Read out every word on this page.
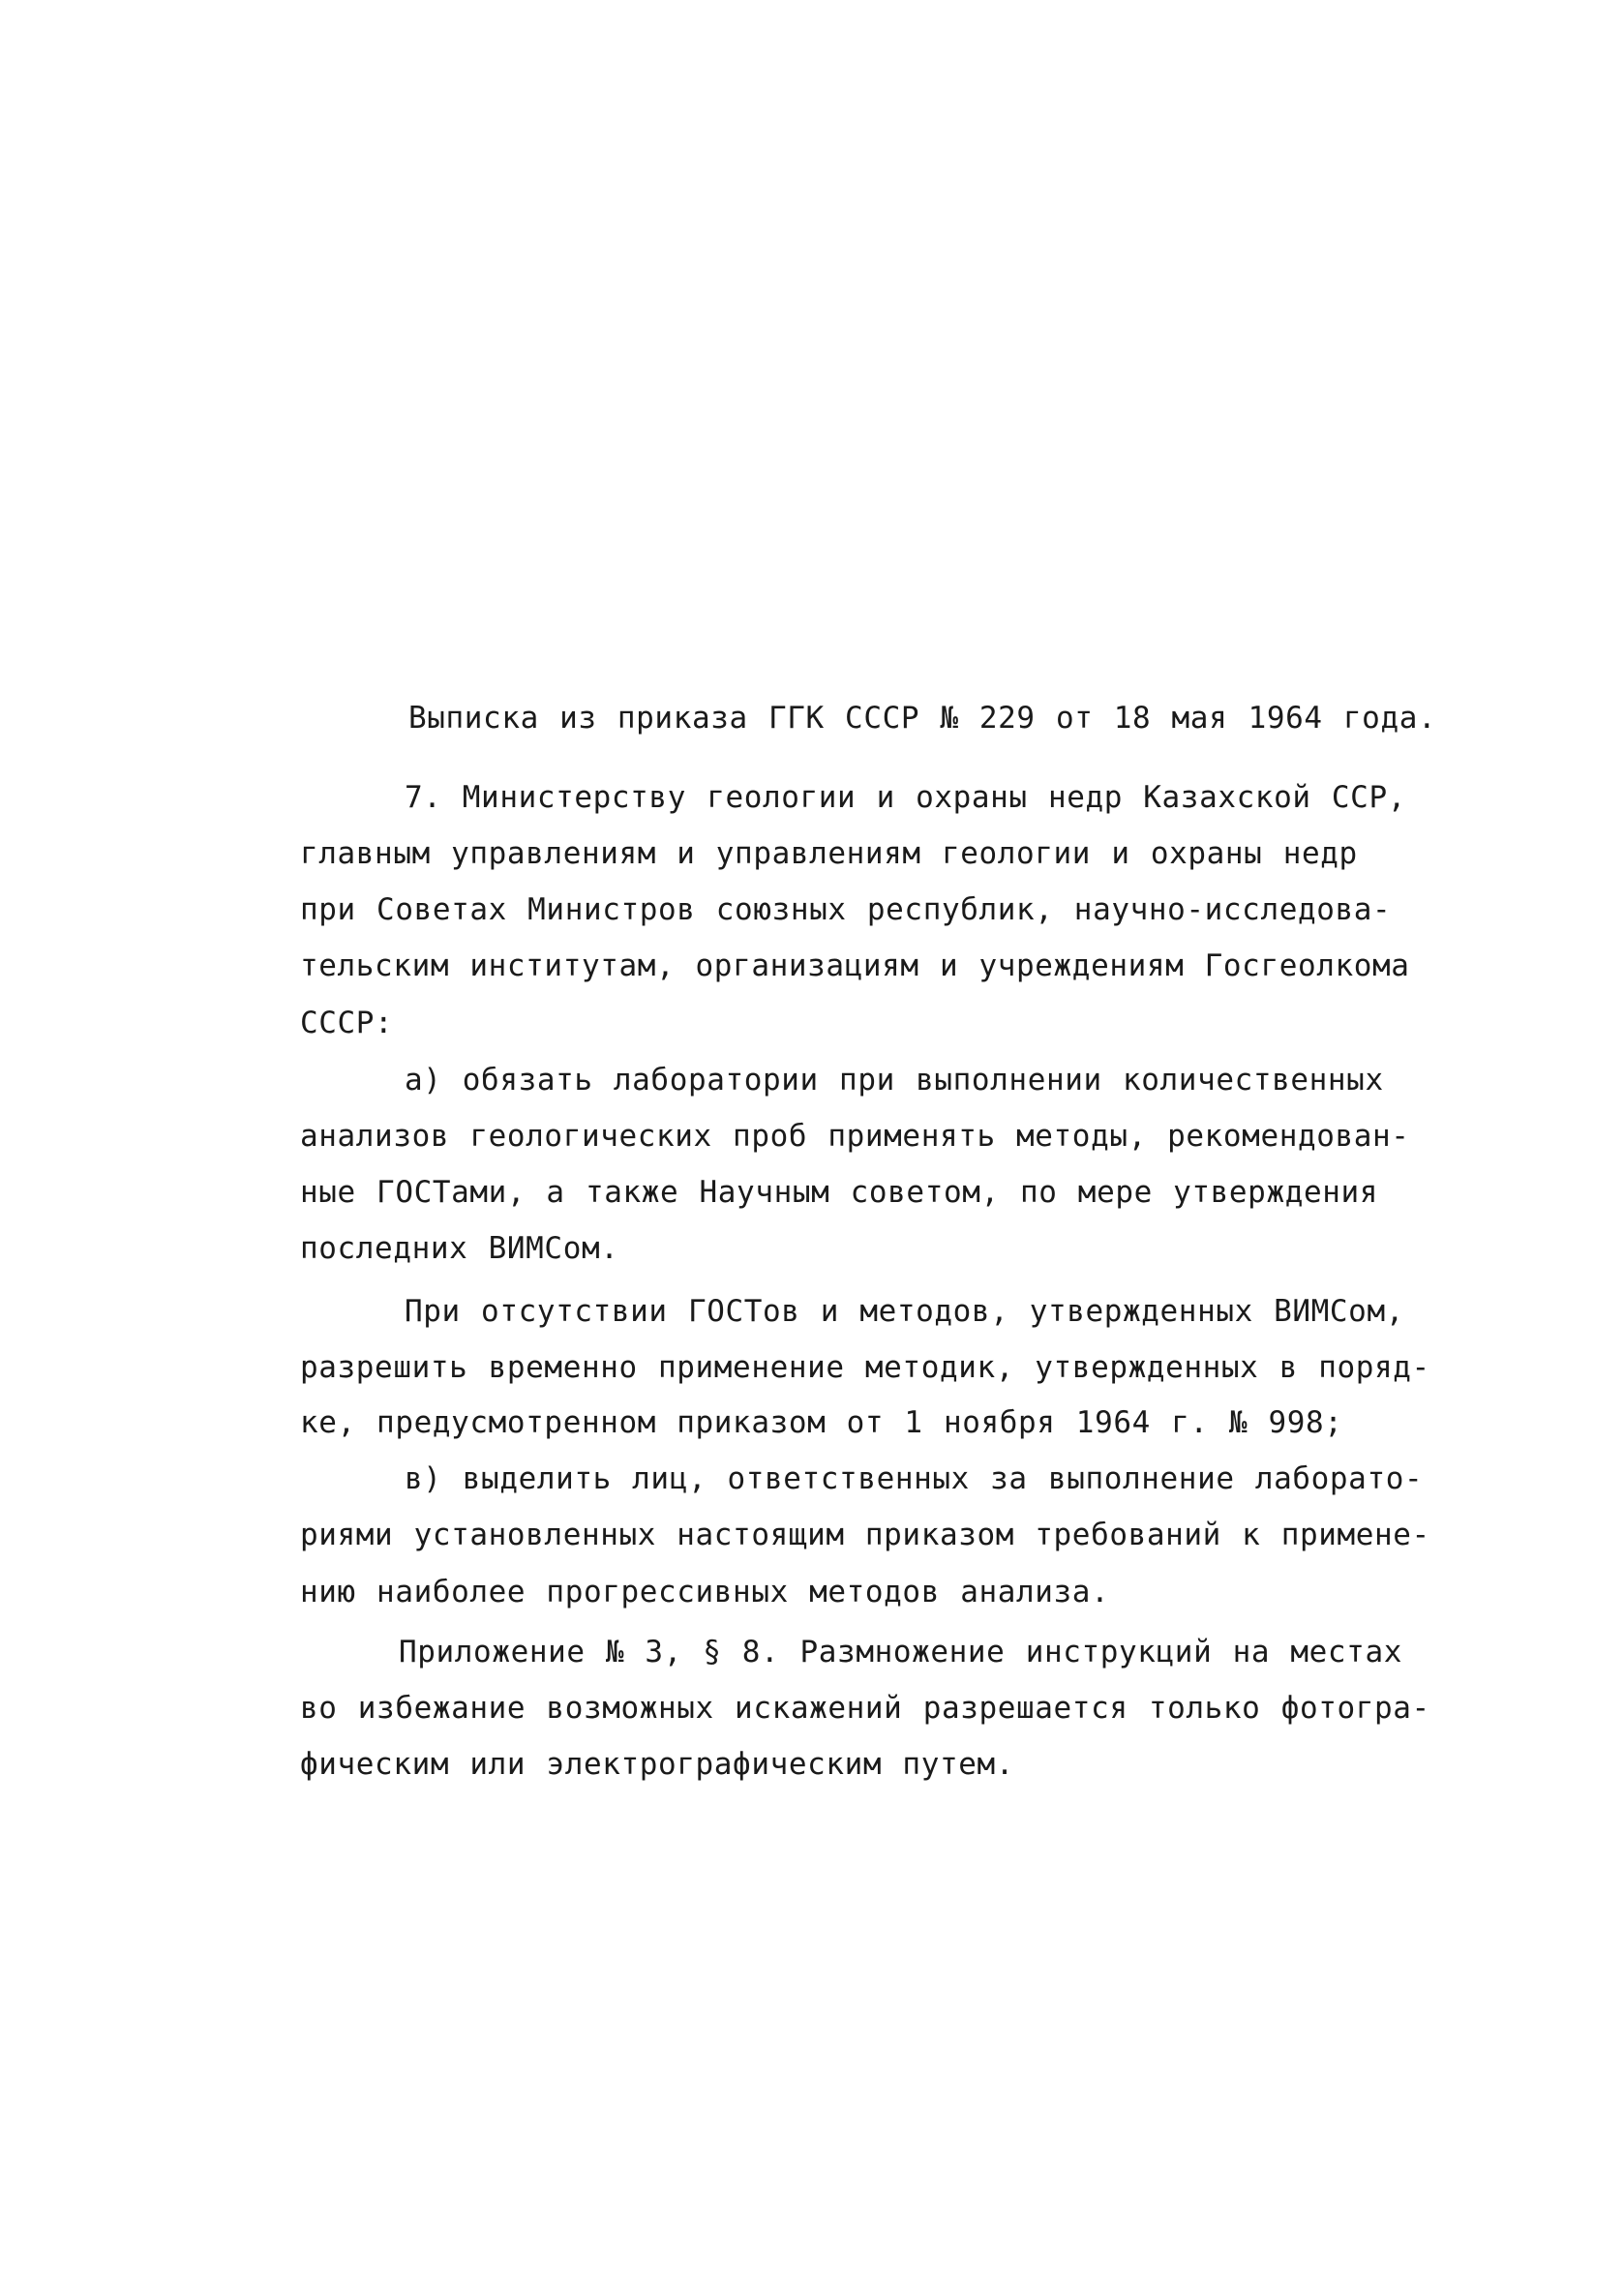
Выписка из приказа ГГК СССР № 229 от 18 мая 1964 года.

7. Министерству геологии и охраны недр Казахской ССР,

главным управлениям и управлениям геологии и охраны недр

при Советах Министров союзных республик, научно-исследова-

тельским институтам, организациям и учреждениям Госгеолкома

СССР:

а) обязать лаборатории при выполнении количественных

анализов геологических проб применять методы, рекомендован-

ные ГОСТами, а также Научным советом, по мере утверждения

последних ВИМСом.

При отсутствии ГОСТов и методов, утвержденных ВИМСом,

разрешить временно применение методик, утвержденных в поряд-

ке, предусмотренном приказом от 1 ноября 1964 г. № 998;

в) выделить лиц, ответственных за выполнение лаборато-

риями установленных настоящим приказом требований к примене-

нию наиболее прогрессивных методов анализа.

Приложение № 3, § 8. Размножение инструкций на местах

во избежание возможных искажений разрешается только фотогра-

фическим или электрографическим путем.
